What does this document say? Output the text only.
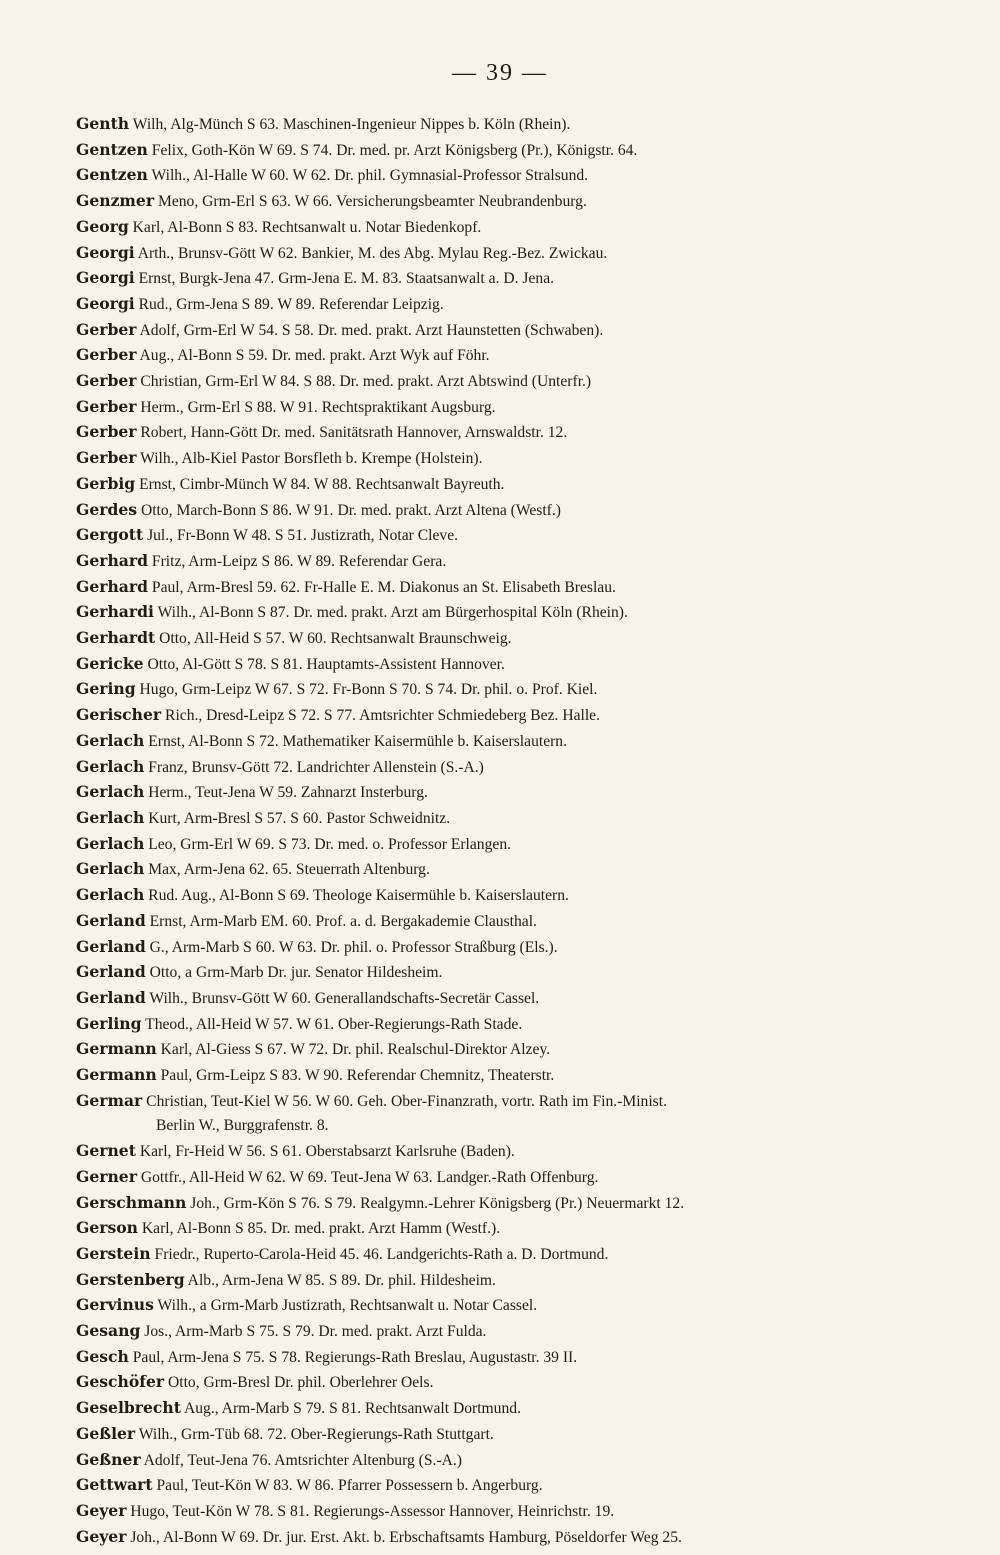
— 39 —
Genth Wilh, Alg-Münch S 63. Maschinen-Ingenieur Nippes b. Köln (Rhein).
Gentzen Felix, Goth-Kön W 69. S 74. Dr. med. pr. Arzt Königsberg (Pr.), Königstr. 64.
Gentzen Wilh., Al-Halle W 60. W 62. Dr. phil. Gymnasial-Professor Stralsund.
Genzmer Meno, Grm-Erl S 63. W 66. Versicherungsbeamter Neubrandenburg.
Georg Karl, Al-Bonn S 83. Rechtsanwalt u. Notar Biedenkopf.
Georgi Arth., Brunsv-Gött W 62. Bankier, M. des Abg. Mylau Reg.-Bez. Zwickau.
Georgi Ernst, Burgk-Jena 47. Grm-Jena E. M. 83. Staatsanwalt a. D. Jena.
Georgi Rud., Grm-Jena S 89. W 89. Referendar Leipzig.
Gerber Adolf, Grm-Erl W 54. S 58. Dr. med. prakt. Arzt Haunstetten (Schwaben).
Gerber Aug., Al-Bonn S 59. Dr. med. prakt. Arzt Wyk auf Föhr.
Gerber Christian, Grm-Erl W 84. S 88. Dr. med. prakt. Arzt Abtswind (Unterfr.)
Gerber Herm., Grm-Erl S 88. W 91. Rechtspraktikant Augsburg.
Gerber Robert, Hann-Gött Dr. med. Sanitätsrath Hannover, Arnswaldstr. 12.
Gerber Wilh., Alb-Kiel Pastor Borsfleth b. Krempe (Holstein).
Gerbig Ernst, Cimbr-Münch W 84. W 88. Rechtsanwalt Bayreuth.
Gerdes Otto, March-Bonn S 86. W 91. Dr. med. prakt. Arzt Altena (Westf.)
Gergott Jul., Fr-Bonn W 48. S 51. Justizrath, Notar Cleve.
Gerhard Fritz, Arm-Leipz S 86. W 89. Referendar Gera.
Gerhard Paul, Arm-Bresl 59. 62. Fr-Halle E. M. Diakonus an St. Elisabeth Breslau.
Gerhardi Wilh., Al-Bonn S 87. Dr. med. prakt. Arzt am Bürgerhospital Köln (Rhein).
Gerhardt Otto, All-Heid S 57. W 60. Rechtsanwalt Braunschweig.
Gericke Otto, Al-Gött S 78. S 81. Hauptamts-Assistent Hannover.
Gering Hugo, Grm-Leipz W 67. S 72. Fr-Bonn S 70. S 74. Dr. phil. o. Prof. Kiel.
Gerischer Rich., Dresd-Leipz S 72. S 77. Amtsrichter Schmiedeberg Bez. Halle.
Gerlach Ernst, Al-Bonn S 72. Mathematiker Kaisermühle b. Kaiserslautern.
Gerlach Franz, Brunsv-Gött 72. Landrichter Allenstein (S.-A.)
Gerlach Herm., Teut-Jena W 59. Zahnarzt Insterburg.
Gerlach Kurt, Arm-Bresl S 57. S 60. Pastor Schweidnitz.
Gerlach Leo, Grm-Erl W 69. S 73. Dr. med. o. Professor Erlangen.
Gerlach Max, Arm-Jena 62. 65. Steuerrath Altenburg.
Gerlach Rud. Aug., Al-Bonn S 69. Theologe Kaisermühle b. Kaiserslautern.
Gerland Ernst, Arm-Marb EM. 60. Prof. a. d. Bergakademie Clausthal.
Gerland G., Arm-Marb S 60. W 63. Dr. phil. o. Professor Straßburg (Els.).
Gerland Otto, a Grm-Marb Dr. jur. Senator Hildesheim.
Gerland Wilh., Brunsv-Gött W 60. Generallandschafts-Secretär Cassel.
Gerling Theod., All-Heid W 57. W 61. Ober-Regierungs-Rath Stade.
Germann Karl, Al-Giess S 67. W 72. Dr. phil. Realschul-Direktor Alzey.
Germann Paul, Grm-Leipz S 83. W 90. Referendar Chemnitz, Theaterstr.
Germar Christian, Teut-Kiel W 56. W 60. Geh. Ober-Finanzrath, vortr. Rath im Fin.-Minist.
Berlin W., Burggrafenstr. 8.
Gernet Karl, Fr-Heid W 56. S 61. Oberstabsarzt Karlsruhe (Baden).
Gerner Gottfr., All-Heid W 62. W 69. Teut-Jena W 63. Landger.-Rath Offenburg.
Gerschmann Joh., Grm-Kön S 76. S 79. Realgymn.-Lehrer Königsberg (Pr.) Neuermarkt 12.
Gerson Karl, Al-Bonn S 85. Dr. med. prakt. Arzt Hamm (Westf.).
Gerstein Friedr., Ruperto-Carola-Heid 45. 46. Landgerichts-Rath a. D. Dortmund.
Gerstenberg Alb., Arm-Jena W 85. S 89. Dr. phil. Hildesheim.
Gervinus Wilh., a Grm-Marb Justizrath, Rechtsanwalt u. Notar Cassel.
Gesang Jos., Arm-Marb S 75. S 79. Dr. med. prakt. Arzt Fulda.
Gesch Paul, Arm-Jena S 75. S 78. Regierungs-Rath Breslau, Augustastr. 39 II.
Geschöfer Otto, Grm-Bresl Dr. phil. Oberlehrer Oels.
Geselbrecht Aug., Arm-Marb S 79. S 81. Rechtsanwalt Dortmund.
Geßler Wilh., Grm-Tüb 68. 72. Ober-Regierungs-Rath Stuttgart.
Geßner Adolf, Teut-Jena 76. Amtsrichter Altenburg (S.-A.)
Gettwart Paul, Teut-Kön W 83. W 86. Pfarrer Possessern b. Angerburg.
Geyer Hugo, Teut-Kön W 78. S 81. Regierungs-Assessor Hannover, Heinrichstr. 19.
Geyer Joh., Al-Bonn W 69. Dr. jur. Erst. Akt. b. Erbschaftsamts Hamburg, Pöseldorfer Weg 25.
